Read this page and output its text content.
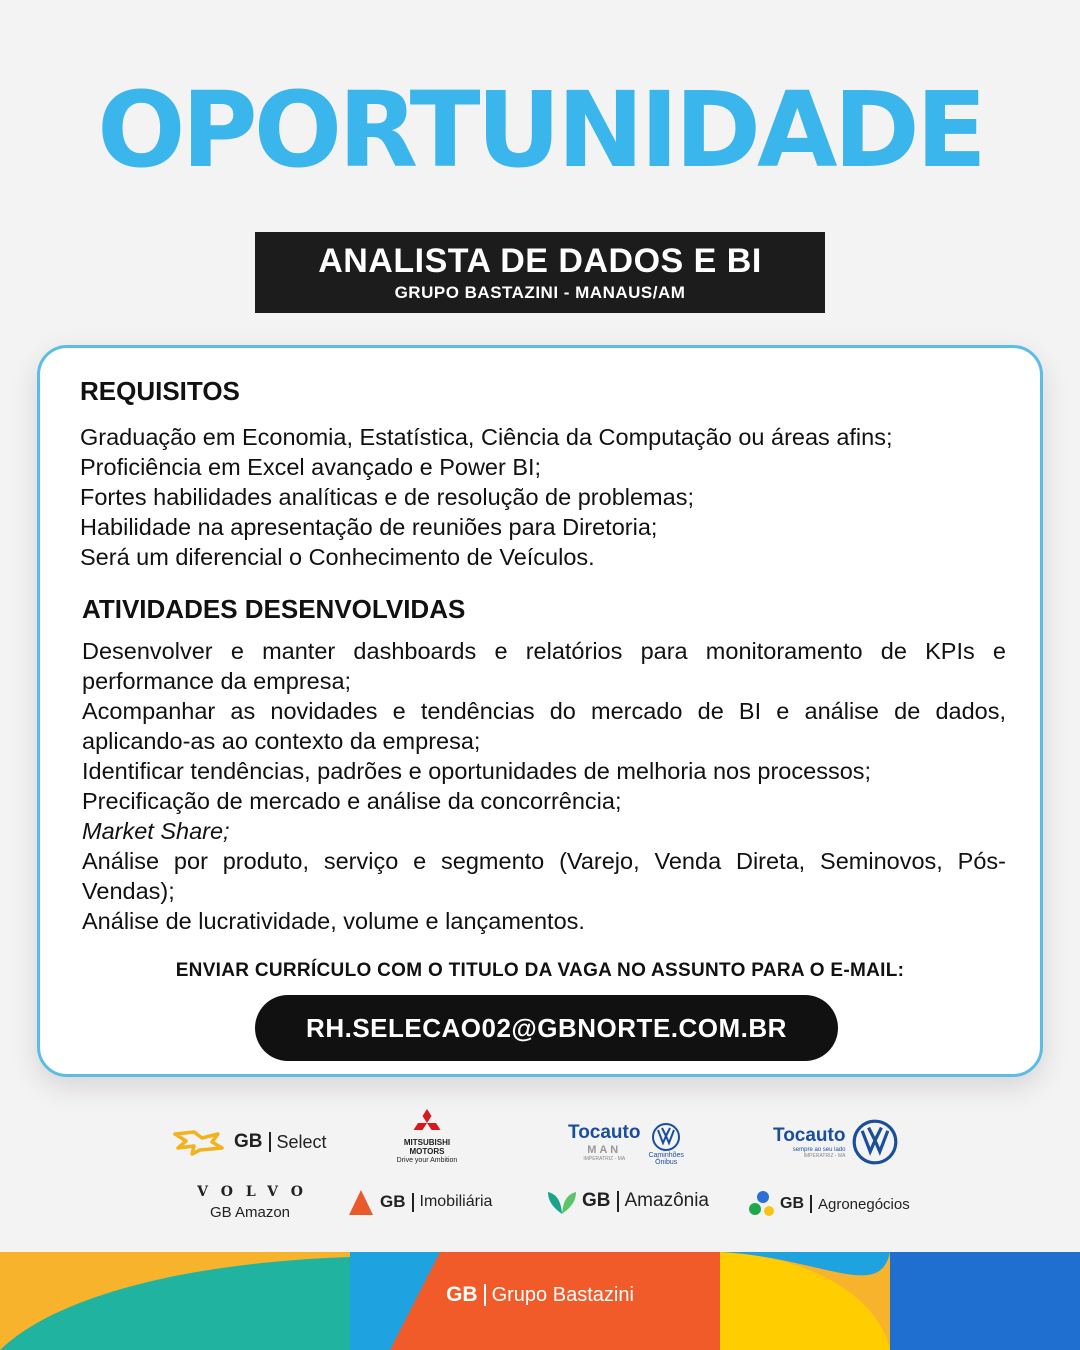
OPORTUNIDADE
ANALISTA DE DADOS E BI
GRUPO BASTAZINI - MANAUS/AM
REQUISITOS
Graduação em Economia, Estatística, Ciência da Computação ou áreas afins;
Proficiência em Excel avançado e Power BI;
Fortes habilidades analíticas e de resolução de problemas;
Habilidade na apresentação de reuniões para Diretoria;
Será um diferencial o Conhecimento de Veículos.
ATIVIDADES DESENVOLVIDAS
Desenvolver e manter dashboards e relatórios para monitoramento de KPIs e performance da empresa;
Acompanhar as novidades e tendências do mercado de BI e análise de dados, aplicando-as ao contexto da empresa;
Identificar tendências, padrões e oportunidades de melhoria nos processos;
Precificação de mercado e análise da concorrência;
Market Share;
Análise por produto, serviço e segmento (Varejo, Venda Direta, Seminovos, Pós-Vendas);
Análise de lucratividade, volume e lançamentos.
ENVIAR CURRÍCULO COM O TITULO DA VAGA NO ASSUNTO PARA O E-MAIL:
RH.SELECAO02@GBNORTE.COM.BR
GB Select	MITSUBISHI
MOTORS
Drive your Ambition
Tocauto
MAN
IMPERATRIZ - MA	Caminhões
Ônibus
Tocauto
sempre ao seu lado
IMPERATRIZ - MA
VOLVO
GB Amazon
GB Imobiliária	GB Amazônia	GB Agronegócios
GB Grupo Bastazini
